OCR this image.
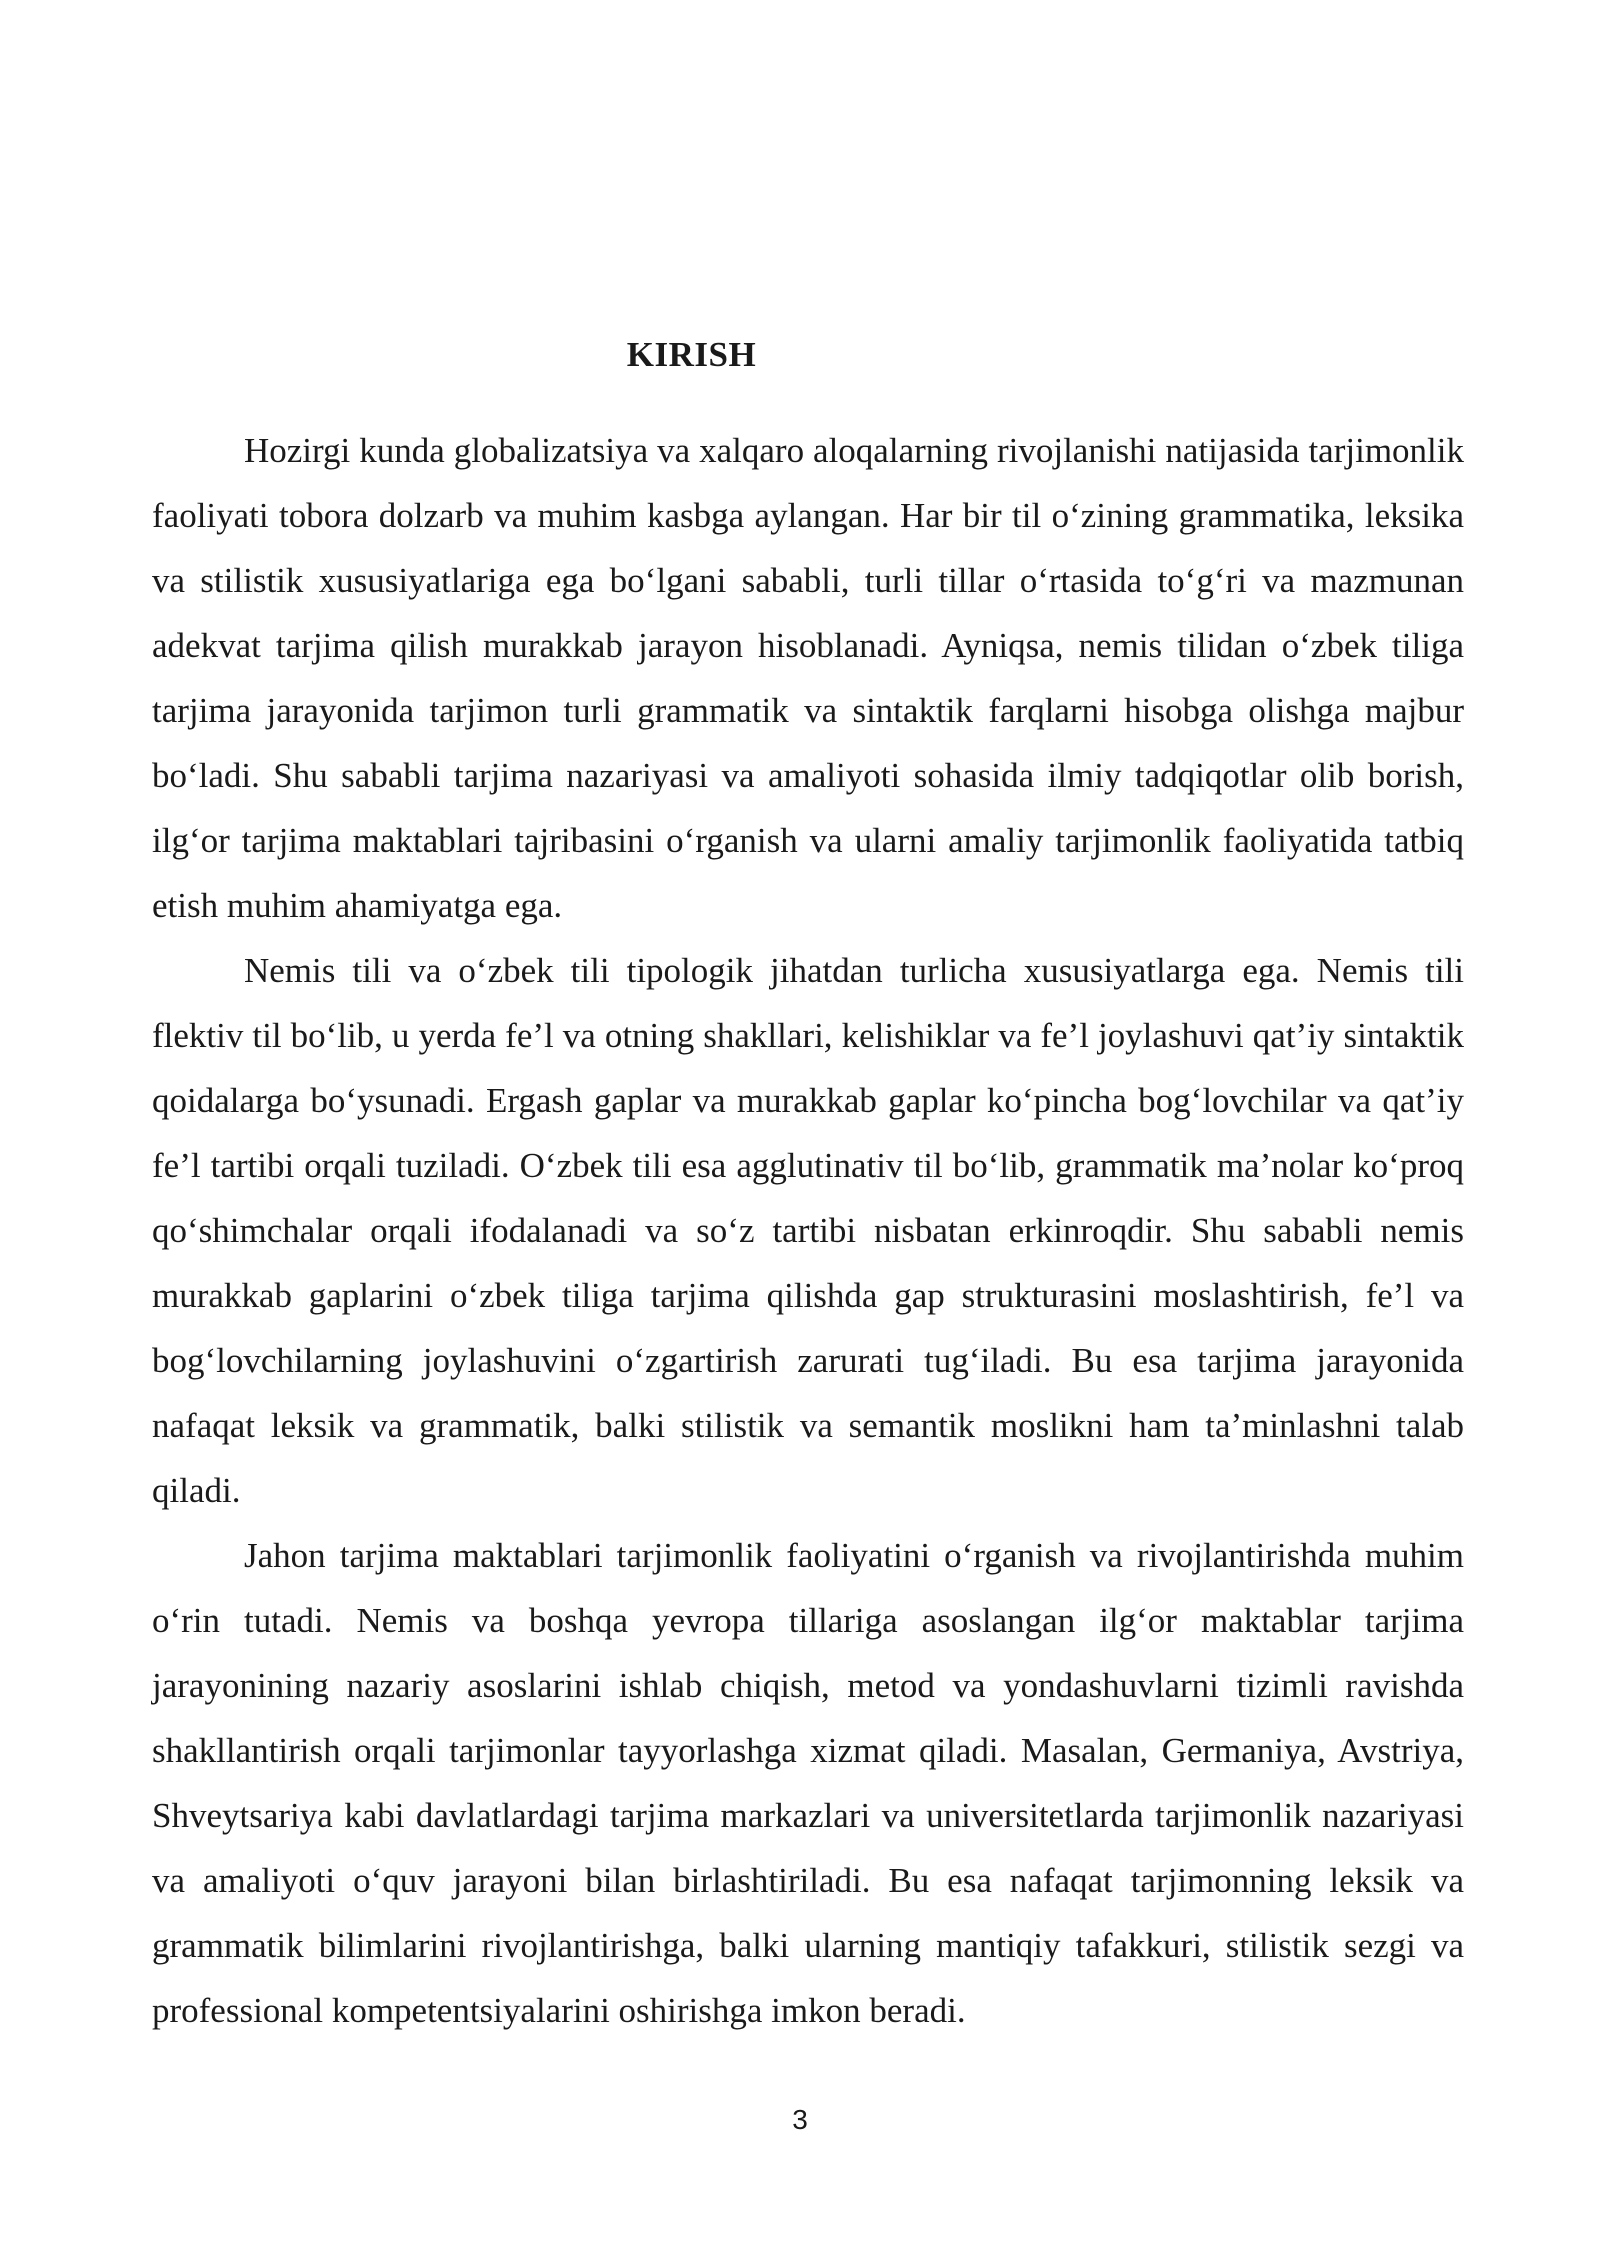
KIRISH

Hozirgi kunda globalizatsiya va xalqaro aloqalarning rivojlanishi natijasida tarjimonlik faoliyati tobora dolzarb va muhim kasbga aylangan. Har bir til o‘zining grammatika, leksika va stilistik xususiyatlariga ega bo‘lgani sababli, turli tillar o‘rtasida to‘g‘ri va mazmunan adekvat tarjima qilish murakkab jarayon hisoblanadi. Ayniqsa, nemis tilidan o‘zbek tiliga tarjima jarayonida tarjimon turli grammatik va sintaktik farqlarni hisobga olishga majbur bo‘ladi. Shu sababli tarjima nazariyasi va amaliyoti sohasida ilmiy tadqiqotlar olib borish, ilg‘or tarjima maktablari tajribasini o‘rganish va ularni amaliy tarjimonlik faoliyatida tatbiq etish muhim ahamiyatga ega.

Nemis tili va o‘zbek tili tipologik jihatdan turlicha xususiyatlarga ega. Nemis tili flektiv til bo‘lib, u yerda fe’l va otning shakllari, kelishiklar va fe’l joylashuvi qat’iy sintaktik qoidalarga bo‘ysunadi. Ergash gaplar va murakkab gaplar ko‘pincha bog‘lovchilar va qat’iy fe’l tartibi orqali tuziladi. O‘zbek tili esa agglutinativ til bo‘lib, grammatik ma’nolar ko‘proq qo‘shimchalar orqali ifodalanadi va so‘z tartibi nisbatan erkinroqdir. Shu sababli nemis murakkab gaplarini o‘zbek tiliga tarjima qilishda gap strukturasini moslashtirish, fe’l va bog‘lovchilarning joylashuvini o‘zgartirish zarurati tug‘iladi. Bu esa tarjima jarayonida nafaqat leksik va grammatik, balki stilistik va semantik moslikni ham ta’minlashni talab qiladi.

Jahon tarjima maktablari tarjimonlik faoliyatini o‘rganish va rivojlantirishda muhim o‘rin tutadi. Nemis va boshqa yevropa tillariga asoslangan ilg‘or maktablar tarjima jarayonining nazariy asoslarini ishlab chiqish, metod va yondashuvlarni tizimli ravishda shakllantirish orqali tarjimonlar tayyorlashga xizmat qiladi. Masalan, Germaniya, Avstriya, Shveytsariya kabi davlatlardagi tarjima markazlari va universitetlarda tarjimonlik nazariyasi va amaliyoti o‘quv jarayoni bilan birlashtiriladi. Bu esa nafaqat tarjimonning leksik va grammatik bilimlarini rivojlantirishga, balki ularning mantiqiy tafakkuri, stilistik sezgi va professional kompetentsiyalarini oshirishga imkon beradi.

3
